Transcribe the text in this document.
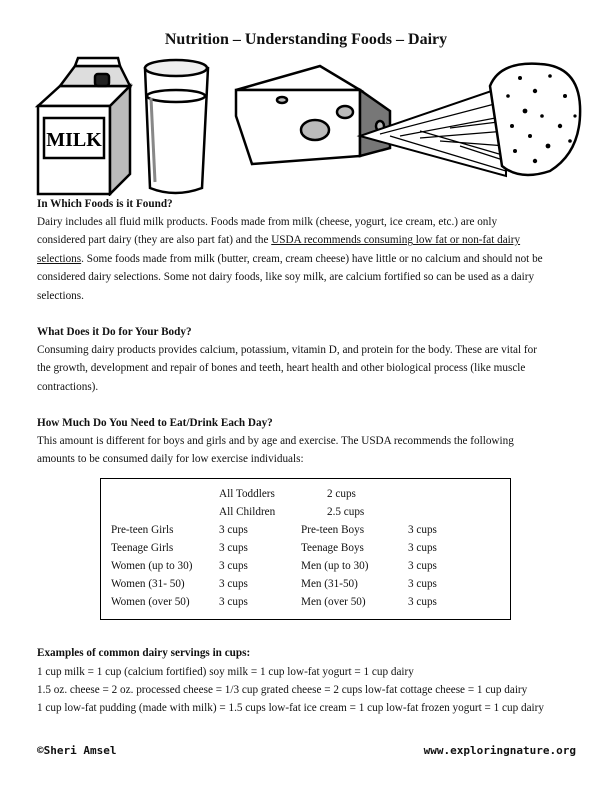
Nutrition – Understanding Foods – Dairy
MILK
In Which Foods is it Found?
Dairy includes all fluid milk products. Foods made from milk (cheese, yogurt, ice cream, etc.) are only
considered part dairy (they are also part fat) and the USDA recommends consuming low fat or non-fat dairy
selections. Some foods made from milk (butter, cream, cream cheese) have little or no calcium and should not be
considered dairy selections. Some not dairy foods, like soy milk, are calcium fortified so can be used as a dairy
selections.
What Does it Do for Your Body?
Consuming dairy products provides calcium, potassium, vitamin D, and protein for the body. These are vital for
the growth, development and repair of bones and teeth, heart health and other biological process (like muscle
contractions).
How Much Do You Need to Eat/Drink Each Day?
This amount is different for boys and girls and by age and exercise. The USDA recommends the following
amounts to be consumed daily for low exercise individuals:
All Toddlers	2 cups
All Children	2.5 cups
Pre-teen Girls	3 cups	Pre-teen Boys	3 cups
Teenage Girls	3 cups	Teenage Boys	3 cups
Women (up to 30) 3 cups	Men (up to 30)	3 cups
Women (31- 50)	3 cups	Men (31-50)	3 cups
Women (over 50)	3 cups	Men (over 50)	3 cups
Examples of common dairy servings in cups:
1 cup milk = 1 cup (calcium fortified) soy milk = 1 cup low-fat yogurt = 1 cup dairy
1.5 oz. cheese = 2 oz. processed cheese = 1/3 cup grated cheese = 2 cups low-fat cottage cheese = 1 cup dairy
1 cup low-fat pudding (made with milk) = 1.5 cups low-fat ice cream = 1 cup low-fat frozen yogurt = 1 cup dairy
©Sheri Amsel	www.exploringnature.org
